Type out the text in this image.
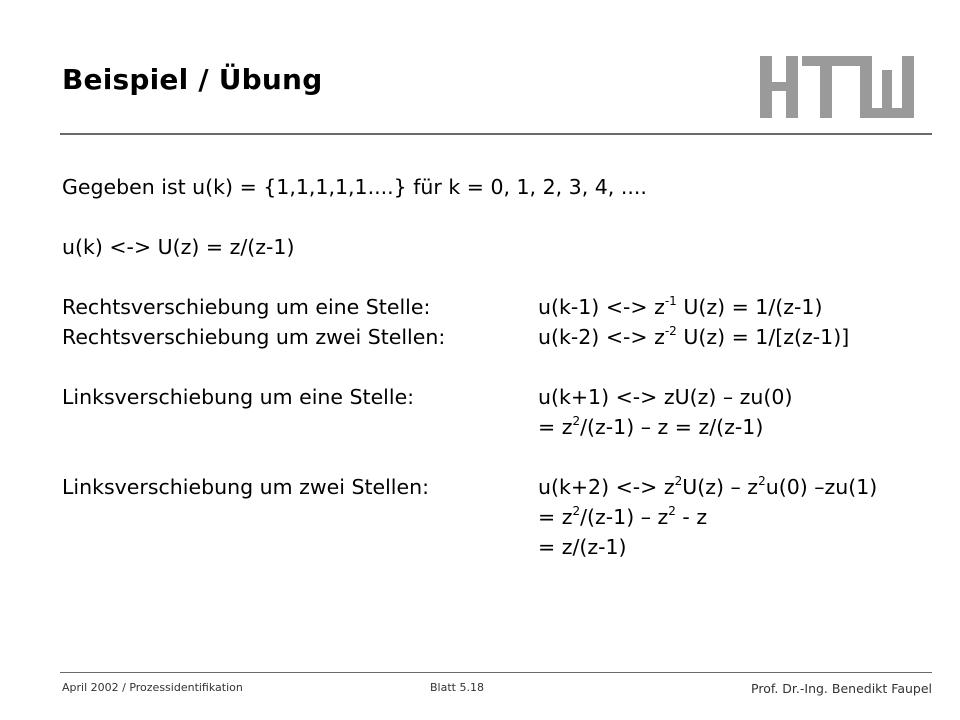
Beispiel / Übung
Gegeben ist u(k) = {1,1,1,1,1....} für k = 0, 1, 2, 3, 4, ....
u(k) <-> U(z) = z/(z-1)
Rechtsverschiebung um eine Stelle:	u(k-1) <-> $z^{-1}$ U(z) = 1/(z-1)
Rechtsverschiebung um zwei Stellen:	u(k-2) <-> $z^{-2}$ U(z) = 1/[z(z-1)]
Linksverschiebung um eine Stelle:	u(k+1) <-> zU(z) – zu(0)
= $z^2/(z-1) - z = z/(z-1)$
Linksverschiebung um zwei Stellen:	u(k+2) <-> $z^2U(z) - z^2u(0)$ –zu(1)
= $z^2/(z-1) - z^2$ - z
= z/(z-1)
April 2002 / Prozessidentifikation	Blatt 5.18	Prof. Dr.-Ing. Benedikt Faupel
